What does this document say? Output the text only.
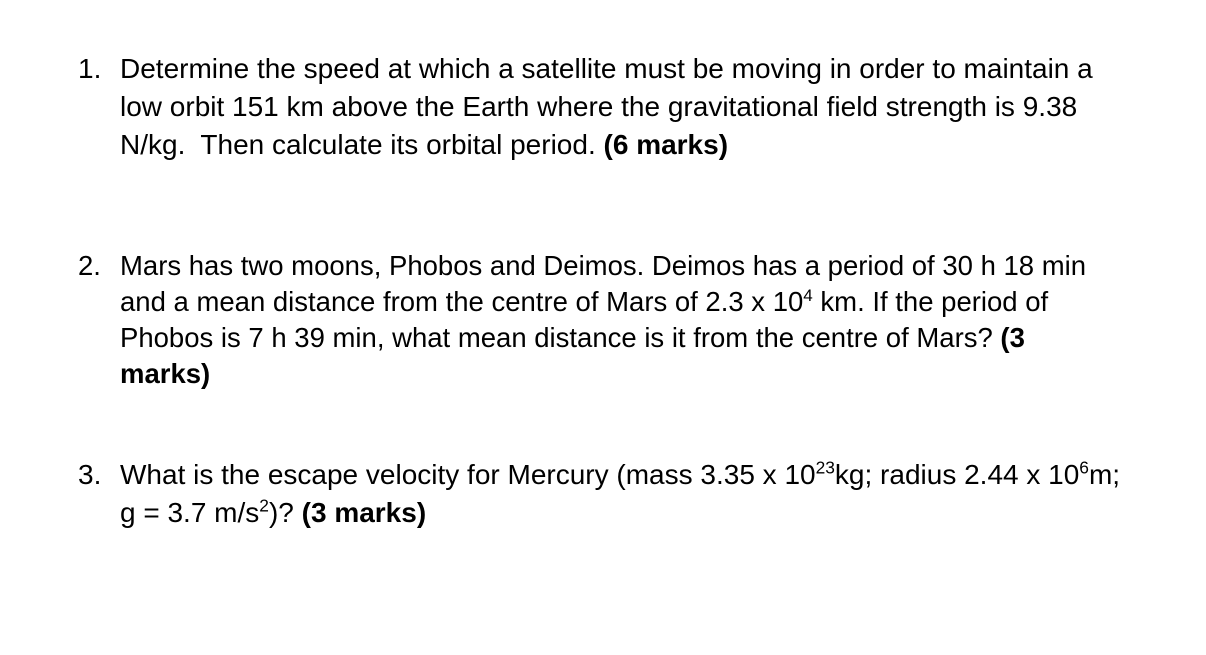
1. Determine the speed at which a satellite must be moving in order to maintain a
low orbit 151 km above the Earth where the gravitational field strength is 9.38
N/kg.  Then calculate its orbital period. (6 marks)
2. Mars has two moons, Phobos and Deimos. Deimos has a period of 30 h 18 min
and a mean distance from the centre of Mars of 2.3 x $10^4$ km. If the period of
Phobos is 7 h 39 min, what mean distance is it from the centre of Mars? (3
marks)
3. What is the escape velocity for Mercury (mass 3.35 x $10^{23}kg$; radius 2.44 x $10^6m$;
g = 3.7 $m/s^2$)? (3 marks)
